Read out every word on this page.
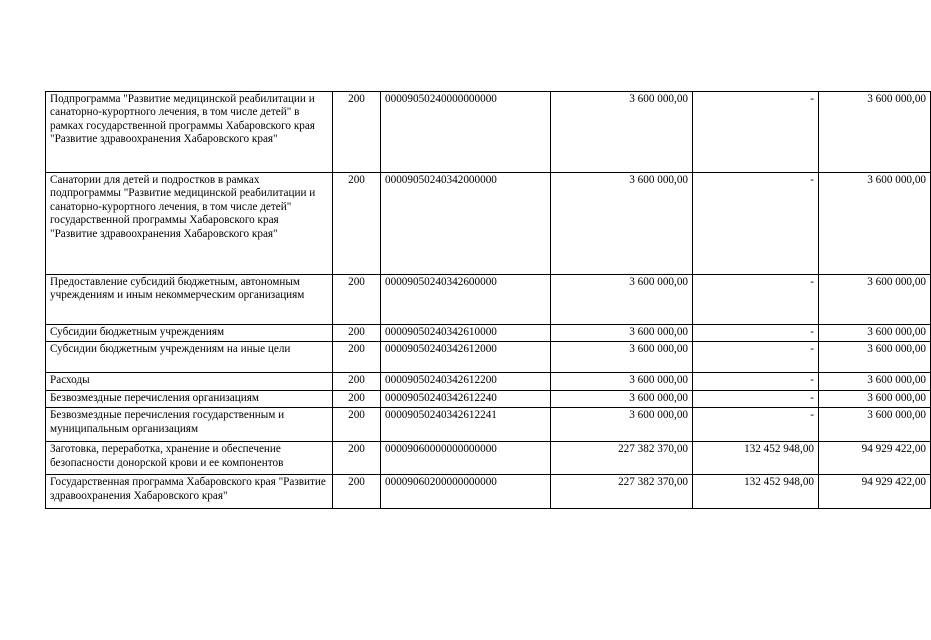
Подпрограмма "Развитие медицинской реабилитации и санаторно-курортного лечения, в том числе детей" в рамках государственной программы Хабаровского края "Развитие здравоохранения Хабаровского края"	200	00009050240000000000	3 600 000,00	-	3 600 000,00
Санатории для детей и подростков в рамках подпрограммы "Развитие медицинской реабилитации и санаторно-курортного лечения, в том числе детей" государственной программы Хабаровского края "Развитие здравоохранения Хабаровского края"	200	00009050240342000000	3 600 000,00	-	3 600 000,00
Предоставление субсидий бюджетным, автономным учреждениям и иным некоммерческим организациям	200	00009050240342600000	3 600 000,00	-	3 600 000,00
Субсидии бюджетным учреждениям	200	00009050240342610000	3 600 000,00	-	3 600 000,00
Субсидии бюджетным учреждениям на иные цели	200	00009050240342612000	3 600 000,00	-	3 600 000,00
Расходы	200	00009050240342612200	3 600 000,00	-	3 600 000,00
Безвозмездные перечисления организациям	200	00009050240342612240	3 600 000,00	-	3 600 000,00
Безвозмездные перечисления государственным и муниципальным организациям	200	00009050240342612241	3 600 000,00	-	3 600 000,00
Заготовка, переработка, хранение и обеспечение безопасности донорской крови и ее компонентов	200	00009060000000000000	227 382 370,00	132 452 948,00	94 929 422,00
Государственная программа Хабаровского края "Развитие здравоохранения Хабаровского края"	200	00009060200000000000	227 382 370,00	132 452 948,00	94 929 422,00
